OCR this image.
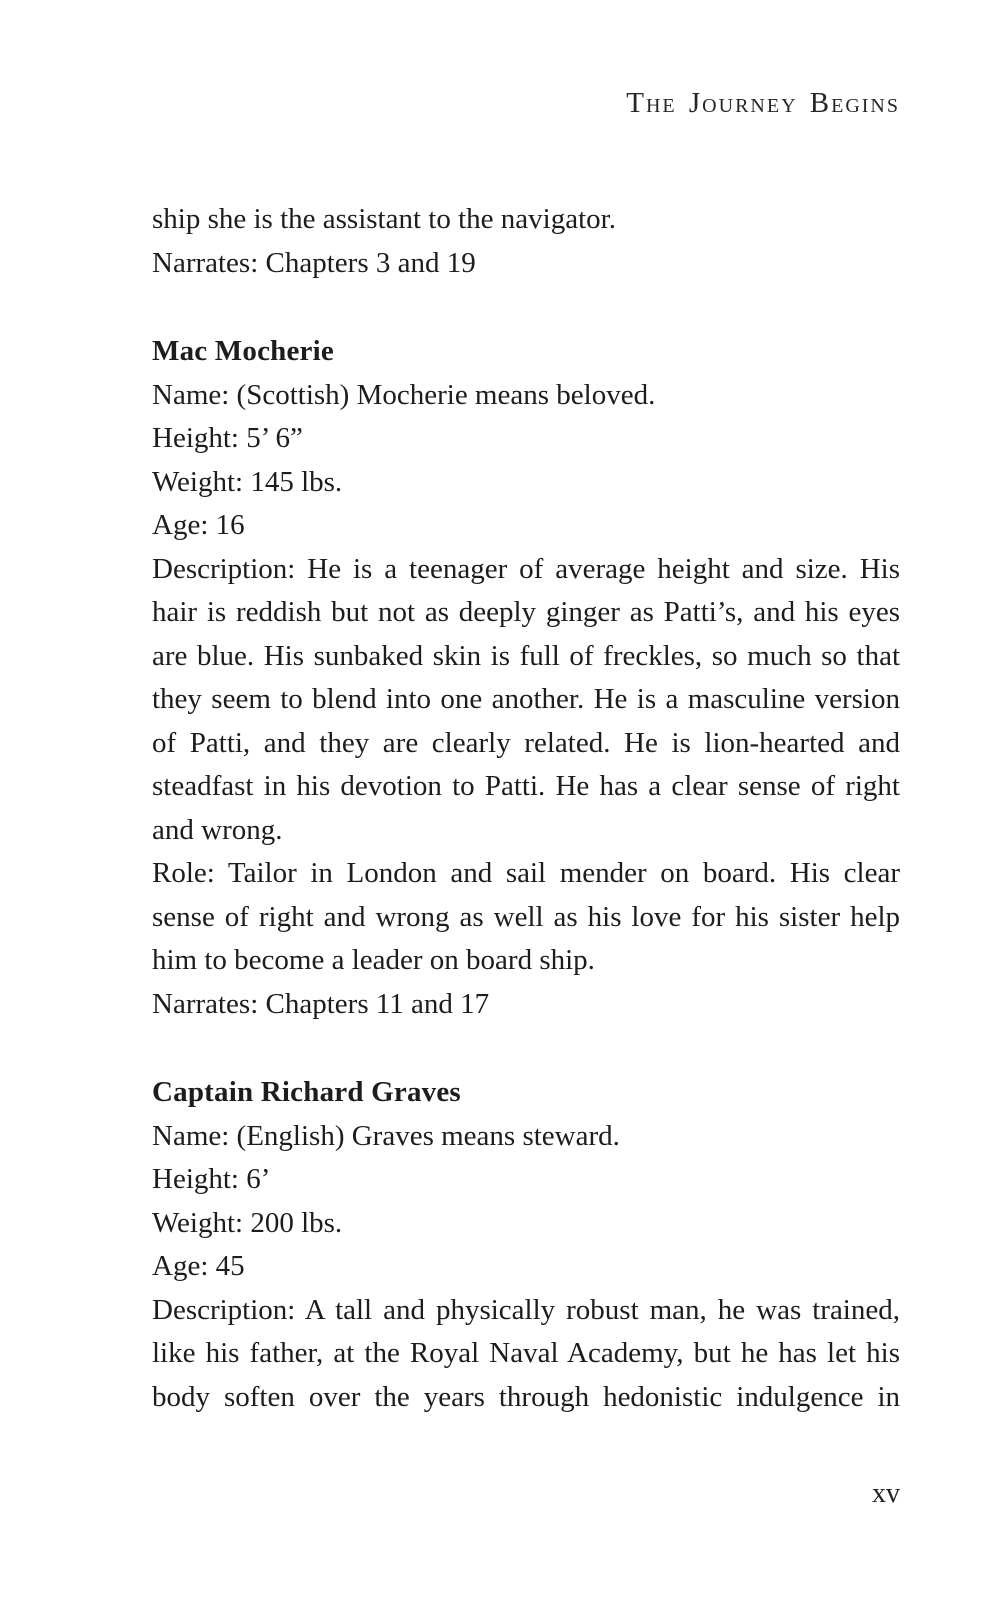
The Journey Begins
ship she is the assistant to the navigator.
Narrates: Chapters 3 and 19
Mac Mocherie
Name: (Scottish) Mocherie means beloved.
Height: 5’ 6”
Weight: 145 lbs.
Age: 16
Description: He is a teenager of average height and size. His
hair is reddish but not as deeply ginger as Patti’s, and his eyes
are blue. His sunbaked skin is full of freckles, so much so that
they seem to blend into one another. He is a masculine version
of Patti, and they are clearly related. He is lion-hearted and
steadfast in his devotion to Patti. He has a clear sense of right
and wrong.
Role: Tailor in London and sail mender on board. His clear
sense of right and wrong as well as his love for his sister help
him to become a leader on board ship.
Narrates: Chapters 11 and 17
Captain Richard Graves
Name: (English) Graves means steward.
Height: 6’
Weight: 200 lbs.
Age: 45
Description: A tall and physically robust man, he was trained,
like his father, at the Royal Naval Academy, but he has let his
body soften over the years through hedonistic indulgence in
xv
